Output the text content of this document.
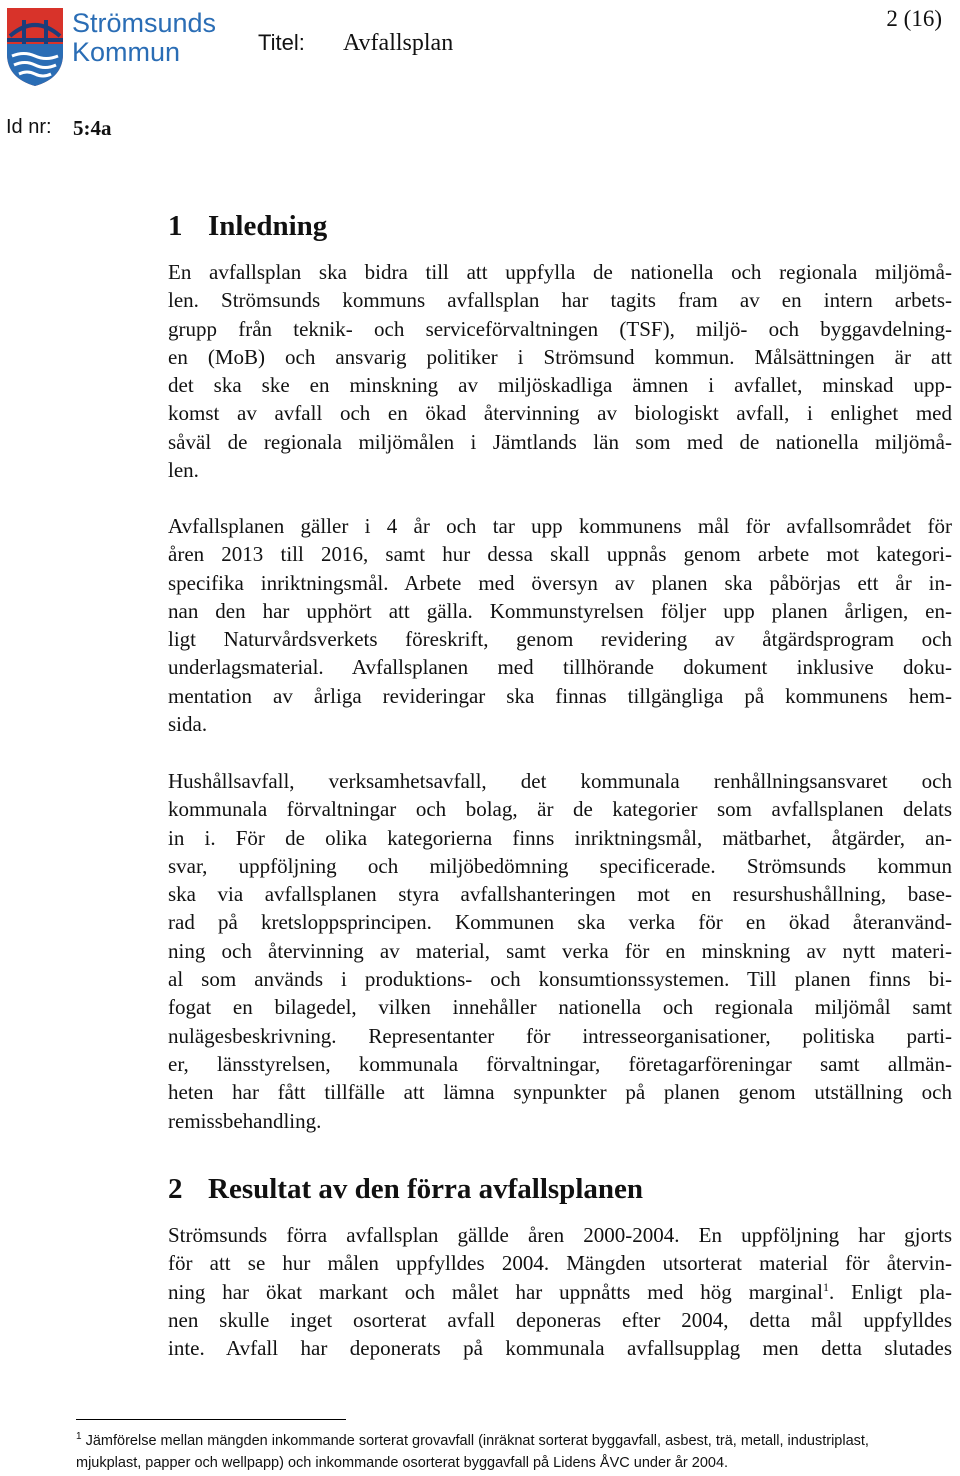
Strömsunds
Kommun	Titel: Avfallsplan
2 (16)
Id nr: 5:4a
1 Inledning
En avfallsplan ska bidra till att uppfylla de nationella och regionala miljömå-
len. Strömsunds kommuns avfallsplan har tagits fram av en intern arbets-
grupp från teknik- och serviceförvaltningen (TSF), miljö- och byggavdelning-
en (MoB) och ansvarig politiker i Strömsund kommun. Målsättningen är att
det ska ske en minskning av miljöskadliga ämnen i avfallet, minskad upp-
komst av avfall och en ökad återvinning av biologiskt avfall, i enlighet med
såväl de regionala miljömålen i Jämtlands län som med de nationella miljömå-
len.
Avfallsplanen gäller i 4 år och tar upp kommunens mål för avfallsområdet för
åren 2013 till 2016, samt hur dessa skall uppnås genom arbete mot kategori-
specifika inriktningsmål. Arbete med översyn av planen ska påbörjas ett år in-
nan den har upphört att gälla. Kommunstyrelsen följer upp planen årligen, en-
ligt Naturvårdsverkets föreskrift, genom revidering av åtgärdsprogram och
underlagsmaterial. Avfallsplanen med tillhörande dokument inklusive doku-
mentation av årliga revideringar ska finnas tillgängliga på kommunens hem-
sida.
Hushållsavfall, verksamhetsavfall, det kommunala renhållningsansvaret och
kommunala förvaltningar och bolag, är de kategorier som avfallsplanen delats
in i. För de olika kategorierna finns inriktningsmål, mätbarhet, åtgärder, an-
svar, uppföljning och miljöbedömning specificerade. Strömsunds kommun
ska via avfallsplanen styra avfallshanteringen mot en resurshushållning, base-
rad på kretsloppsprincipen. Kommunen ska verka för en ökad återanvänd-
ning och återvinning av material, samt verka för en minskning av nytt materi-
al som används i produktions- och konsumtionssystemen. Till planen finns bi-
fogat en bilagedel, vilken innehåller nationella och regionala miljömål samt
nulägesbeskrivning. Representanter för intresseorganisationer, politiska parti-
er, länsstyrelsen, kommunala förvaltningar, företagarföreningar samt allmän-
heten har fått tillfälle att lämna synpunkter på planen genom utställning och
remissbehandling.
2 Resultat av den förra avfallsplanen
Strömsunds förra avfallsplan gällde åren 2000-2004. En uppföljning har gjorts
för att se hur målen uppfylldes 2004. Mängden utsorterat material för återvin-
ning har ökat markant och målet har uppnåtts med hög marginal$^1$. Enligt pla-
nen skulle inget osorterat avfall deponeras efter 2004, detta mål uppfylldes
inte. Avfall har deponerats på kommunala avfallsupplag men detta slutades
$^1$ Jämförelse mellan mängden inkommande sorterat grovavfall (inräknat sorterat byggavfall, asbest, trä, metall, industriplast,
mjukplast, papper och wellpapp) och inkommande osorterat byggavfall på Lidens ÅVC under år 2004.
